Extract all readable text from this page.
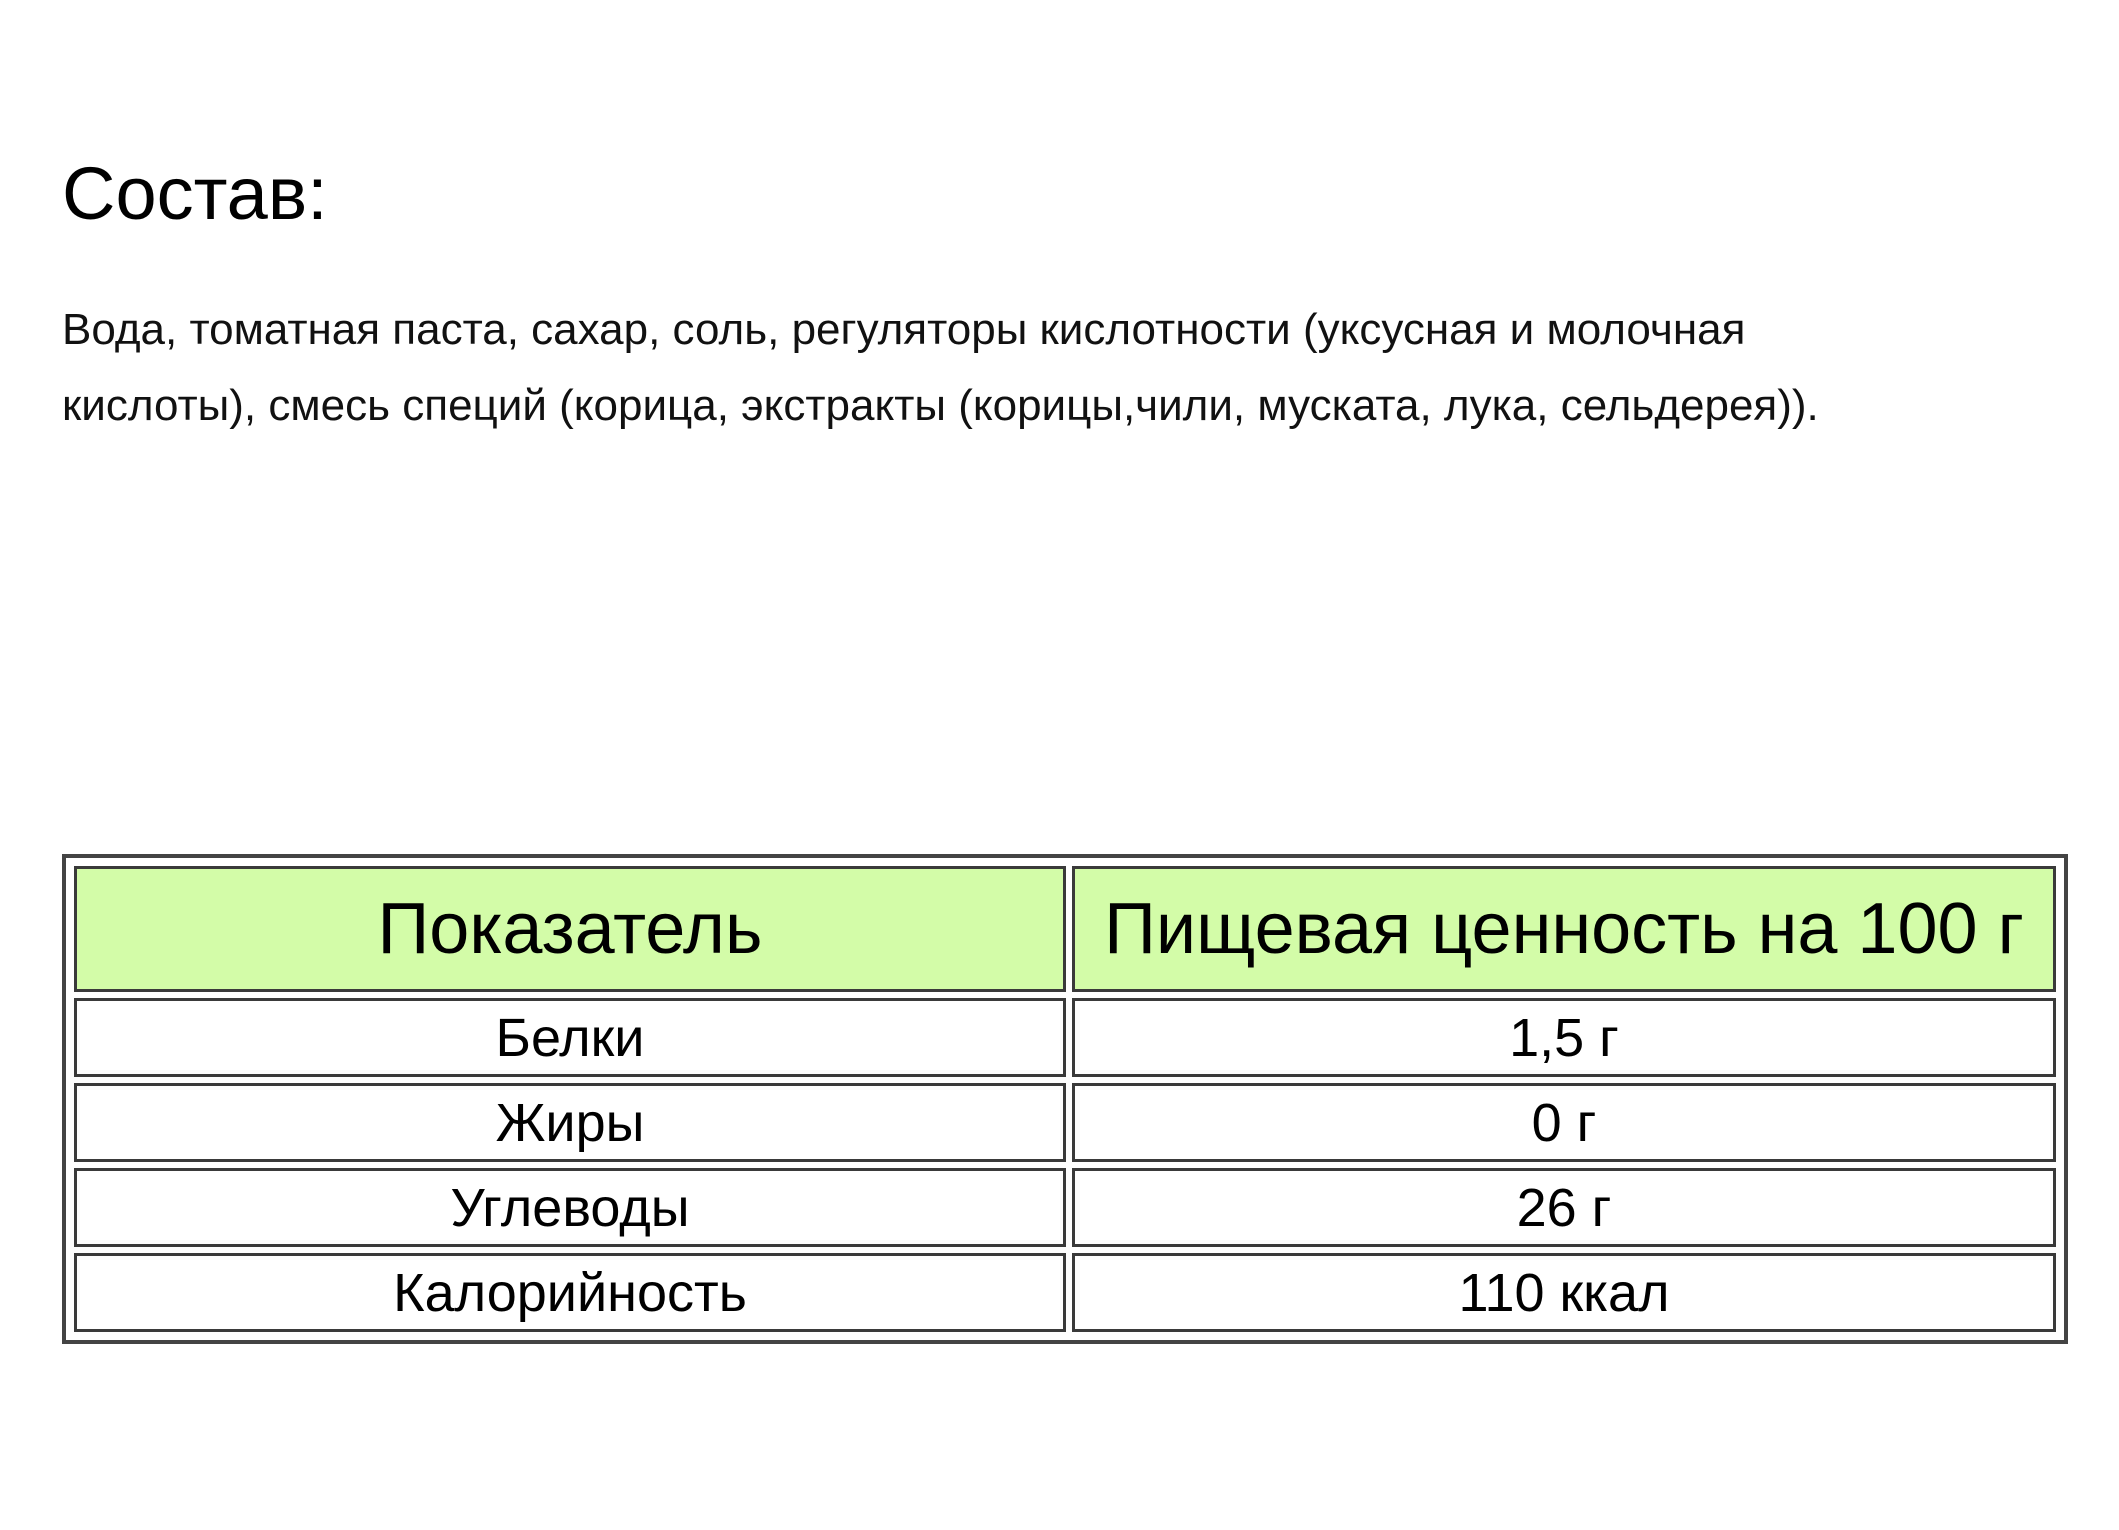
Состав:

Вода, томатная паста, сахар, соль, регуляторы кислотности (уксусная и молочная
кислоты), смесь специй (корица, экстракты (корицы,чили, муската, лука, сельдерея)).

Показатель	Пищевая ценность на 100 г
Белки	1,5 г
Жиры	0 г
Углеводы	26 г
Калорийность	110 ккал
